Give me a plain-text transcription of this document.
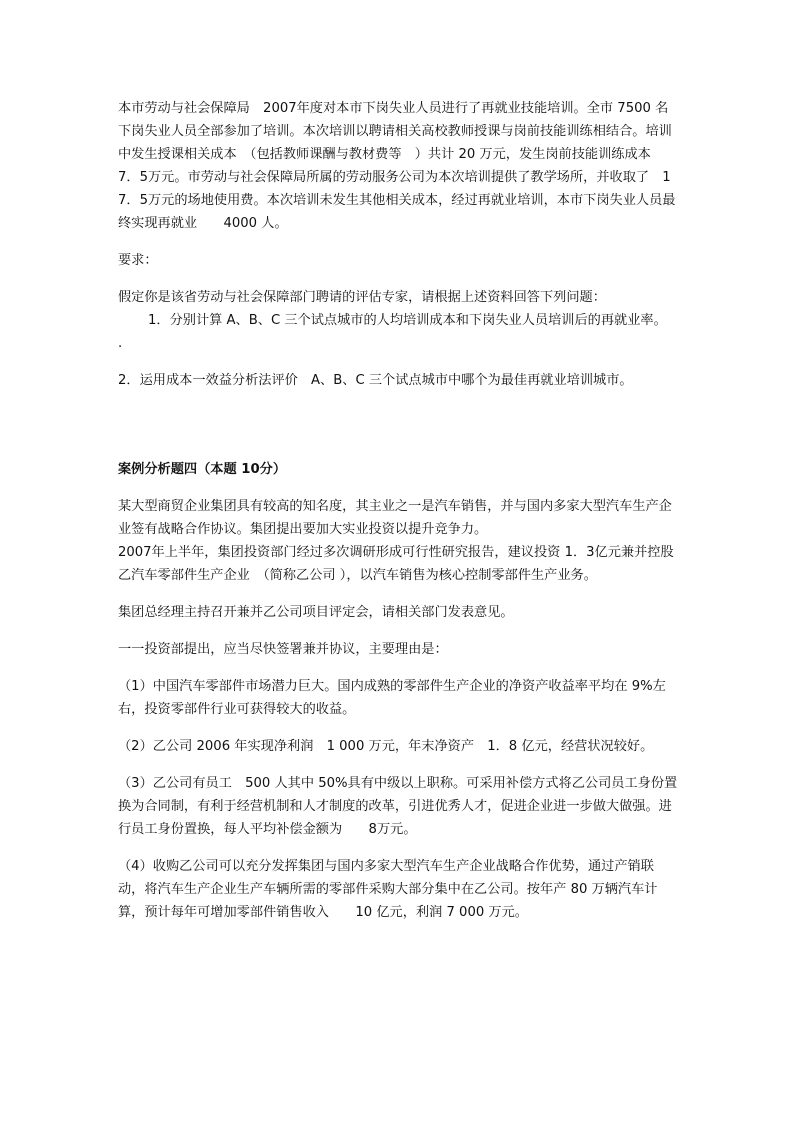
本市劳动与社会保障局　2007年度对本市下岗失业人员进行了再就业技能培训。全市 7500 名下岗失业人员全部参加了培训。本次培训以聘请相关高校教师授课与岗前技能训练相结合。培训中发生授课相关成本　（包括教师课酬与教材费等　）共计 20 万元，发生岗前技能训练成本　7．5万元。市劳动与社会保障局所属的劳动服务公司为本次培训提供了教学场所，并收取了　17．5万元的场地使用费。本次培训未发生其他相关成本，经过再就业培训，本市下岗失业人员最终实现再就业　　4000 人。

要求：

假定你是该省劳动与社会保障部门聘请的评估专家，请根据上述资料回答下列问题：

1．分别计算 A、B、C 三个试点城市的人均培训成本和下岗失业人员培训后的再就业率。　　　.

2．运用成本一效益分析法评价　A、B、C 三个试点城市中哪个为最佳再就业培训城市。

案例分析题四（本题 10分）

某大型商贸企业集团具有较高的知名度，其主业之一是汽车销售，并与国内多家大型汽车生产企业签有战略合作协议。集团提出要加大实业投资以提升竞争力。

2007年上半年，集团投资部门经过多次调研形成可行性研究报告，建议投资 1．3亿元兼并控股乙汽车零部件生产企业　（简称乙公司 ），以汽车销售为核心控制零部件生产业务。

集团总经理主持召开兼并乙公司项目评定会，请相关部门发表意见。

一一投资部提出，应当尽快签署兼并协议，主要理由是：

（1）中国汽车零部件市场潜力巨大。国内成熟的零部件生产企业的净资产收益率平均在 9%左右，投资零部件行业可获得较大的收益。

（2）乙公司 2006 年实现净利润　1 000 万元，年末净资产　1．8 亿元，经营状况较好。

（3）乙公司有员工　500 人其中 50%具有中级以上职称。可采用补偿方式将乙公司员工身份置换为合同制，有利于经营机制和人才制度的改革，引进优秀人才，促进企业进一步做大做强。进行员工身份置换，每人平均补偿金额为　　8万元。

（4）收购乙公司可以充分发挥集团与国内多家大型汽车生产企业战略合作优势，通过产销联动，将汽车生产企业生产车辆所需的零部件采购大部分集中在乙公司。按年产 80 万辆汽车计算，预计每年可增加零部件销售收入　　10 亿元，利润 7 000 万元。
